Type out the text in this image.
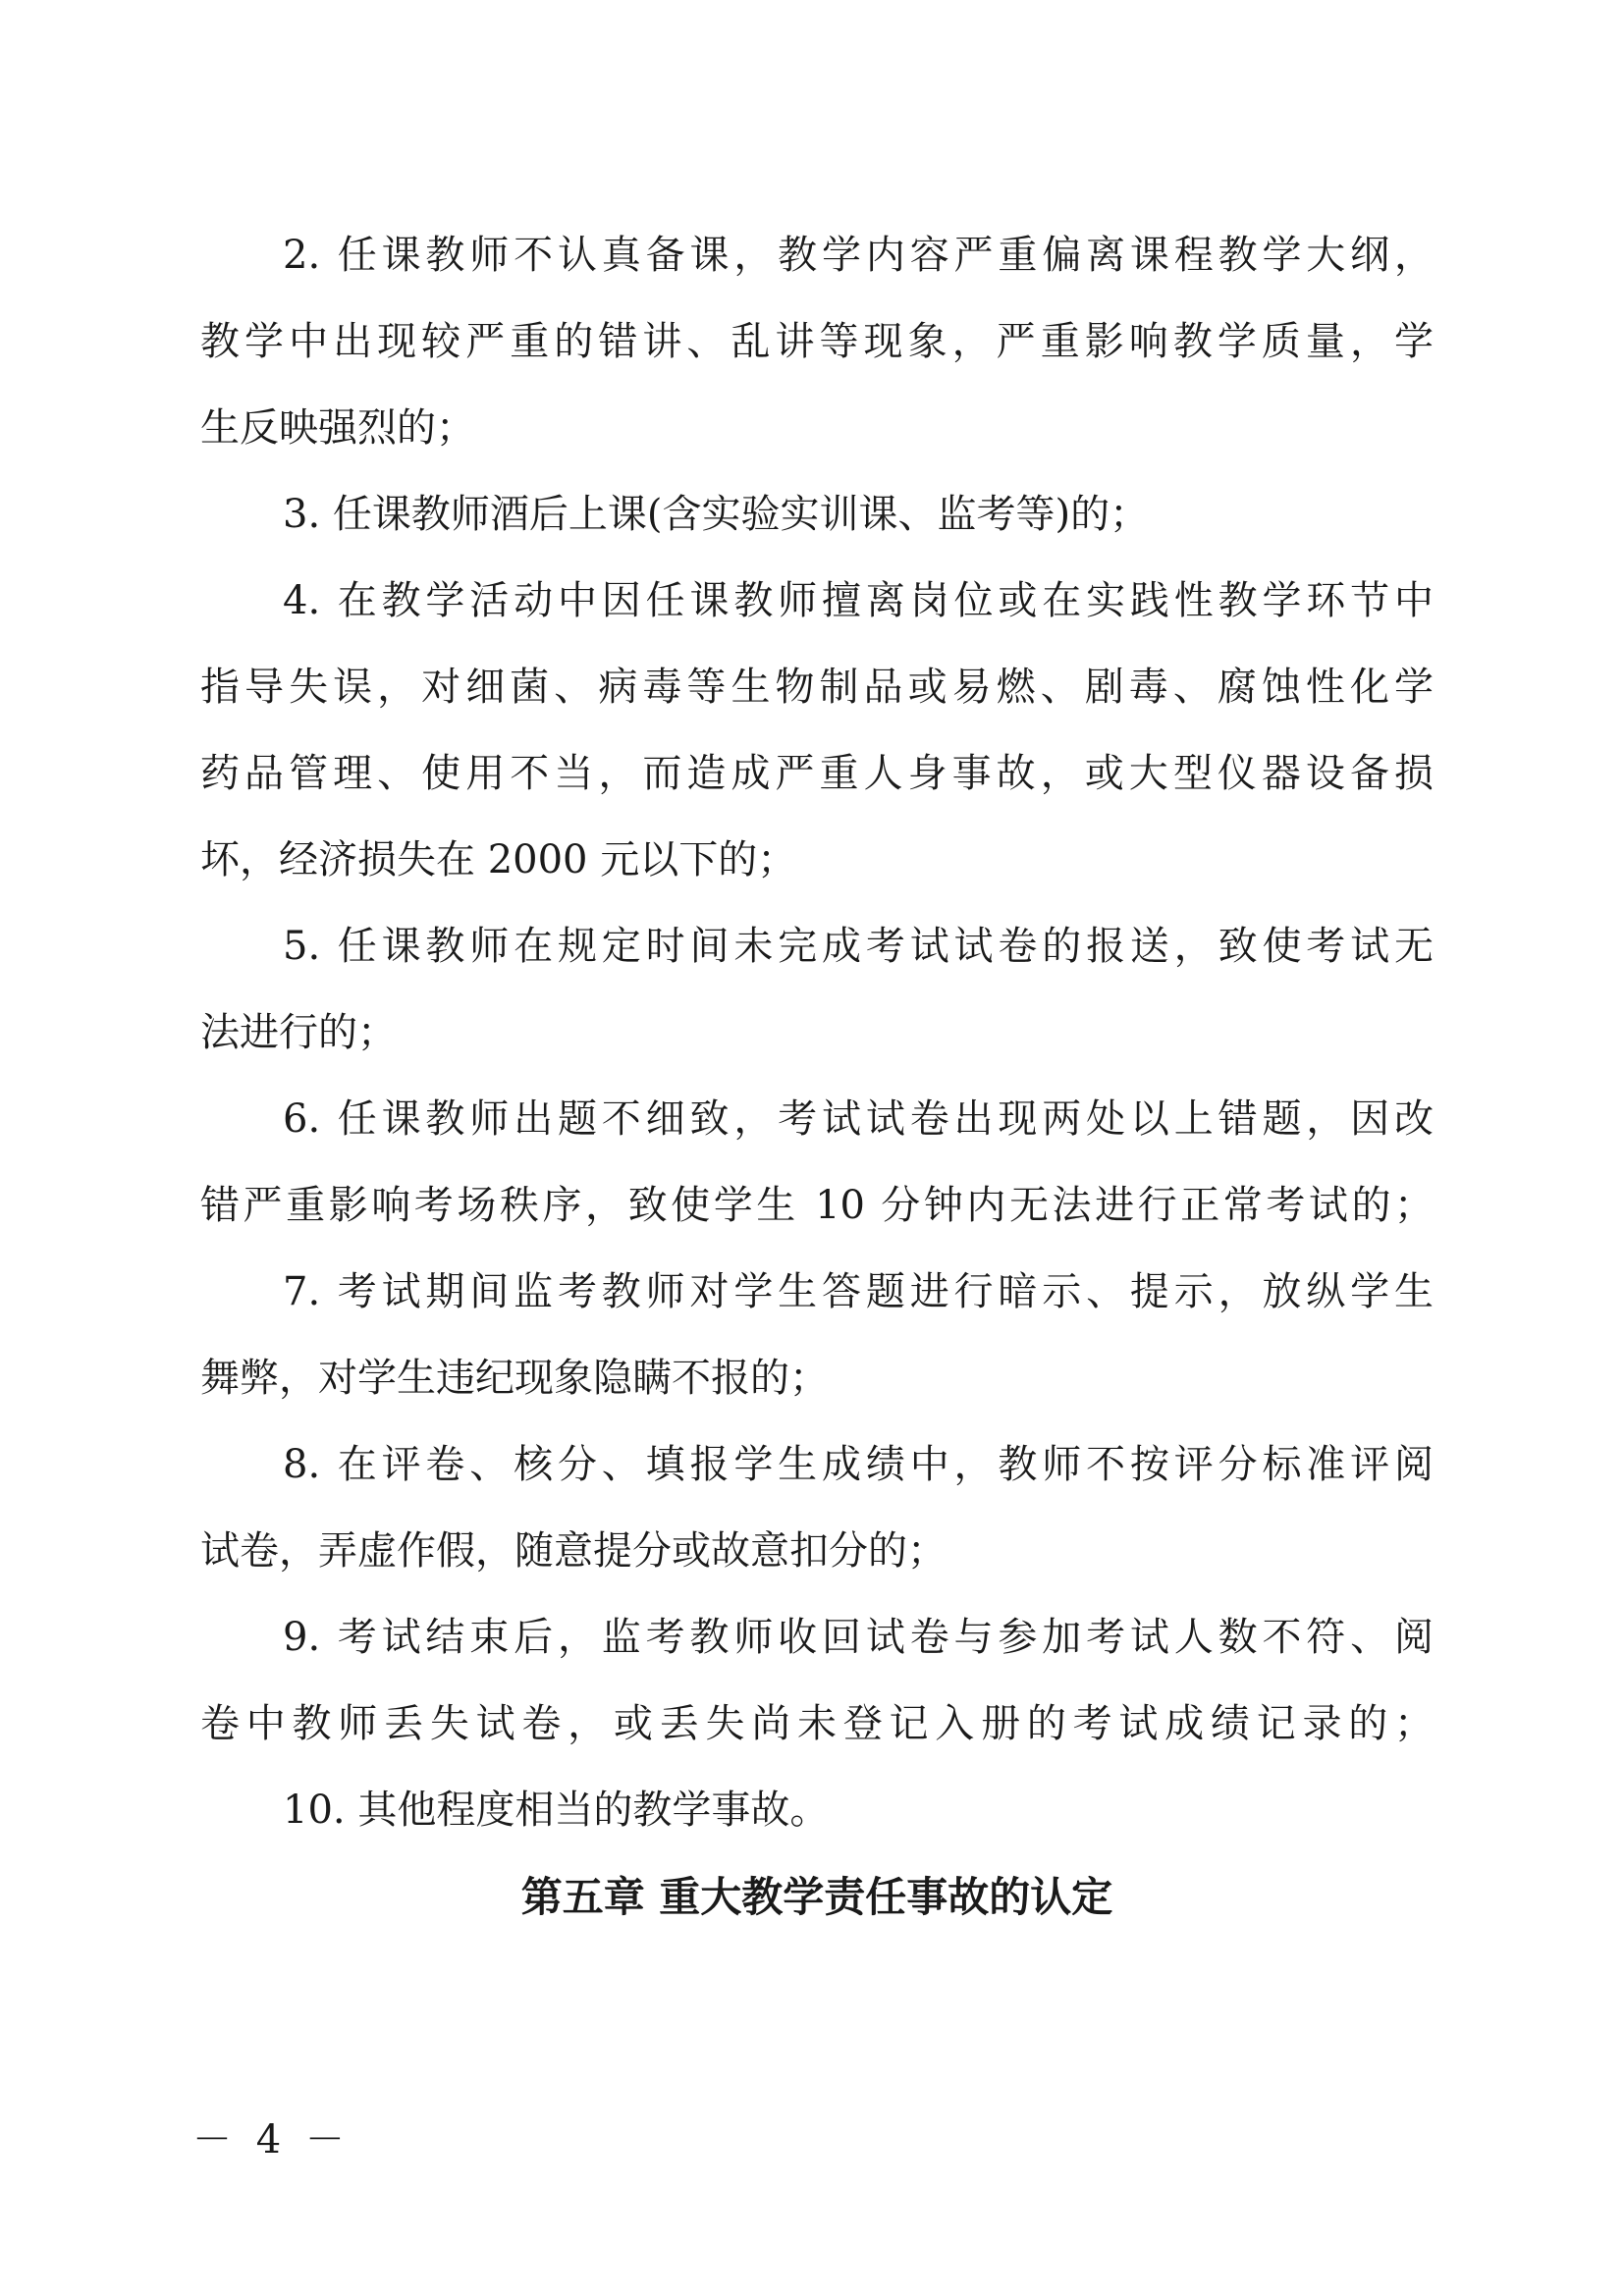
2. 任课教师不认真备课，教学内容严重偏离课程教学大纲，
教学中出现较严重的错讲、乱讲等现象，严重影响教学质量，学
生反映强烈的；
3. 任课教师酒后上课(含实验实训课、监考等)的；
4. 在教学活动中因任课教师擅离岗位或在实践性教学环节中
指导失误，对细菌、病毒等生物制品或易燃、剧毒、腐蚀性化学
药品管理、使用不当，而造成严重人身事故，或大型仪器设备损
坏，经济损失在 2000 元以下的；
5. 任课教师在规定时间未完成考试试卷的报送，致使考试无
法进行的；
6. 任课教师出题不细致，考试试卷出现两处以上错题，因改
错严重影响考场秩序，致使学生 10 分钟内无法进行正常考试的；
7. 考试期间监考教师对学生答题进行暗示、提示，放纵学生
舞弊，对学生违纪现象隐瞒不报的；
8. 在评卷、核分、填报学生成绩中，教师不按评分标准评阅
试卷，弄虚作假，随意提分或故意扣分的；
9. 考试结束后，监考教师收回试卷与参加考试人数不符、阅
卷中教师丢失试卷，或丢失尚未登记入册的考试成绩记录的；
10. 其他程度相当的教学事故。
第五章 重大教学责任事故的认定
－ 4 －
